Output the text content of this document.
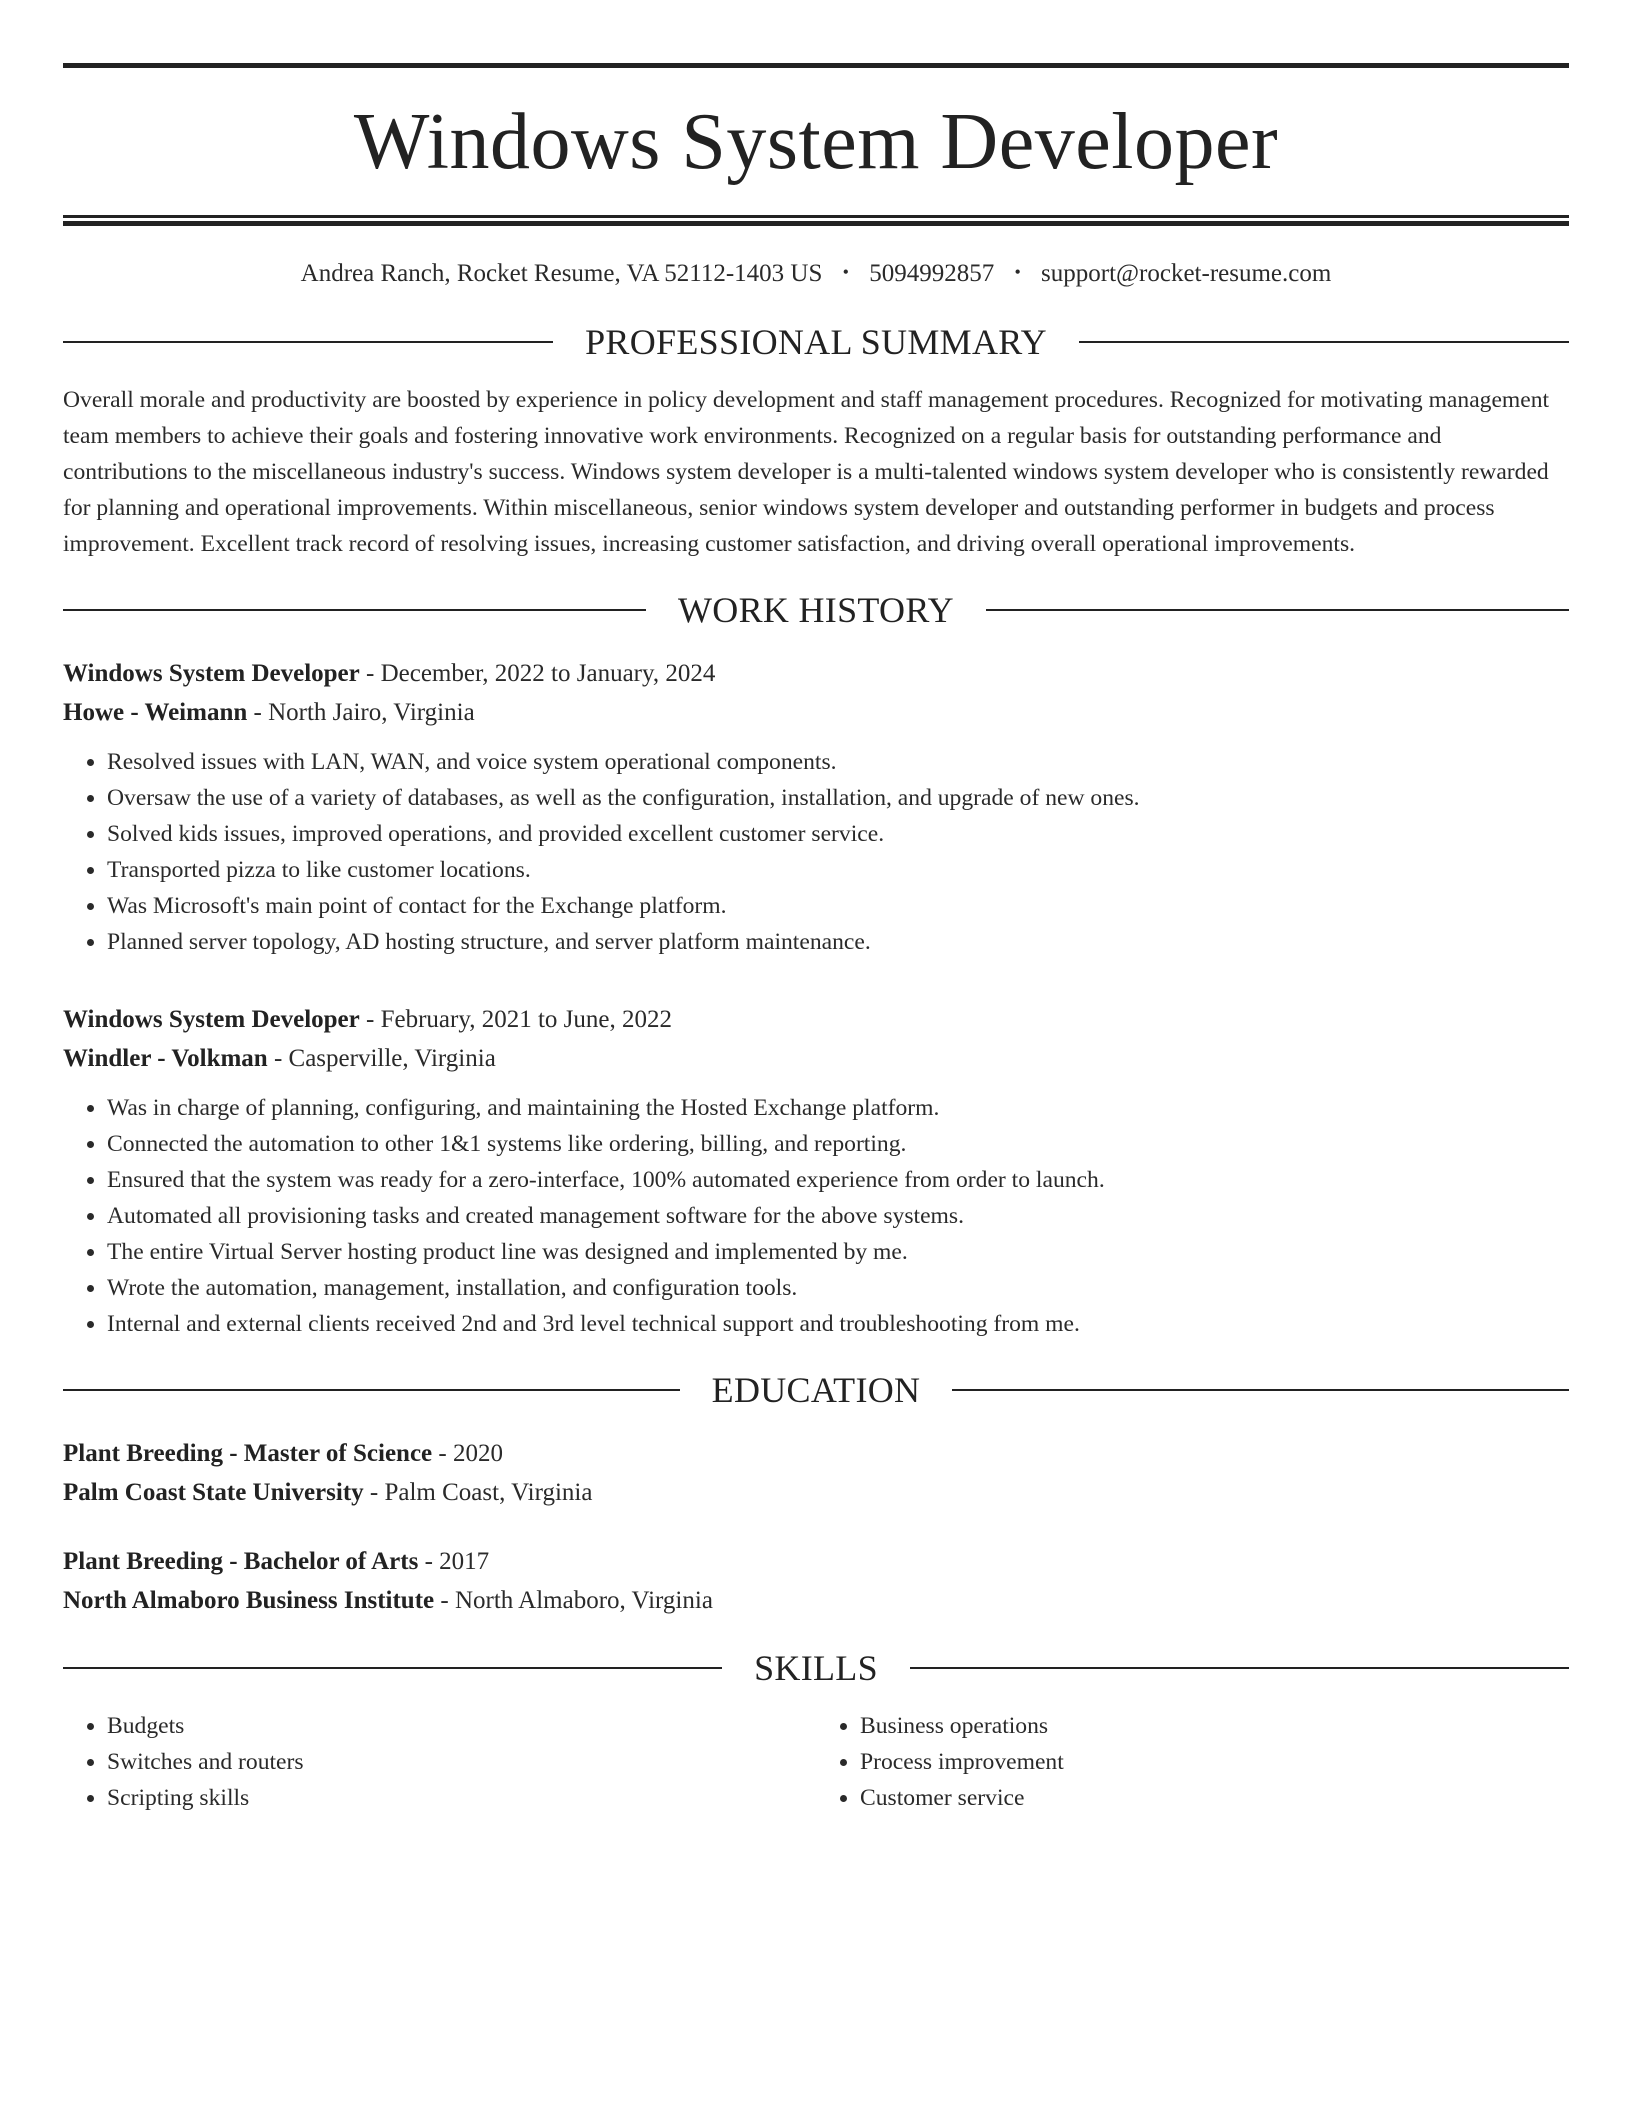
Windows System Developer
Andrea Ranch, Rocket Resume, VA 52112-1403 US • 5094992857 • support@rocket-resume.com
PROFESSIONAL SUMMARY
Overall morale and productivity are boosted by experience in policy development and staff management procedures. Recognized for motivating management team members to achieve their goals and fostering innovative work environments. Recognized on a regular basis for outstanding performance and contributions to the miscellaneous industry's success. Windows system developer is a multi-talented windows system developer who is consistently rewarded for planning and operational improvements. Within miscellaneous, senior windows system developer and outstanding performer in budgets and process improvement. Excellent track record of resolving issues, increasing customer satisfaction, and driving overall operational improvements.
WORK HISTORY
Windows System Developer - December, 2022 to January, 2024
Howe - Weimann - North Jairo, Virginia
• Resolved issues with LAN, WAN, and voice system operational components.
• Oversaw the use of a variety of databases, as well as the configuration, installation, and upgrade of new ones.
• Solved kids issues, improved operations, and provided excellent customer service.
• Transported pizza to like customer locations.
• Was Microsoft's main point of contact for the Exchange platform.
• Planned server topology, AD hosting structure, and server platform maintenance.
Windows System Developer - February, 2021 to June, 2022
Windler - Volkman - Casperville, Virginia
• Was in charge of planning, configuring, and maintaining the Hosted Exchange platform.
• Connected the automation to other 1&1 systems like ordering, billing, and reporting.
• Ensured that the system was ready for a zero-interface, 100% automated experience from order to launch.
• Automated all provisioning tasks and created management software for the above systems.
• The entire Virtual Server hosting product line was designed and implemented by me.
• Wrote the automation, management, installation, and configuration tools.
• Internal and external clients received 2nd and 3rd level technical support and troubleshooting from me.
EDUCATION
Plant Breeding - Master of Science - 2020
Palm Coast State University - Palm Coast, Virginia
Plant Breeding - Bachelor of Arts - 2017
North Almaboro Business Institute - North Almaboro, Virginia
SKILLS
• Budgets
• Switches and routers
• Scripting skills
• Business operations
• Process improvement
• Customer service
